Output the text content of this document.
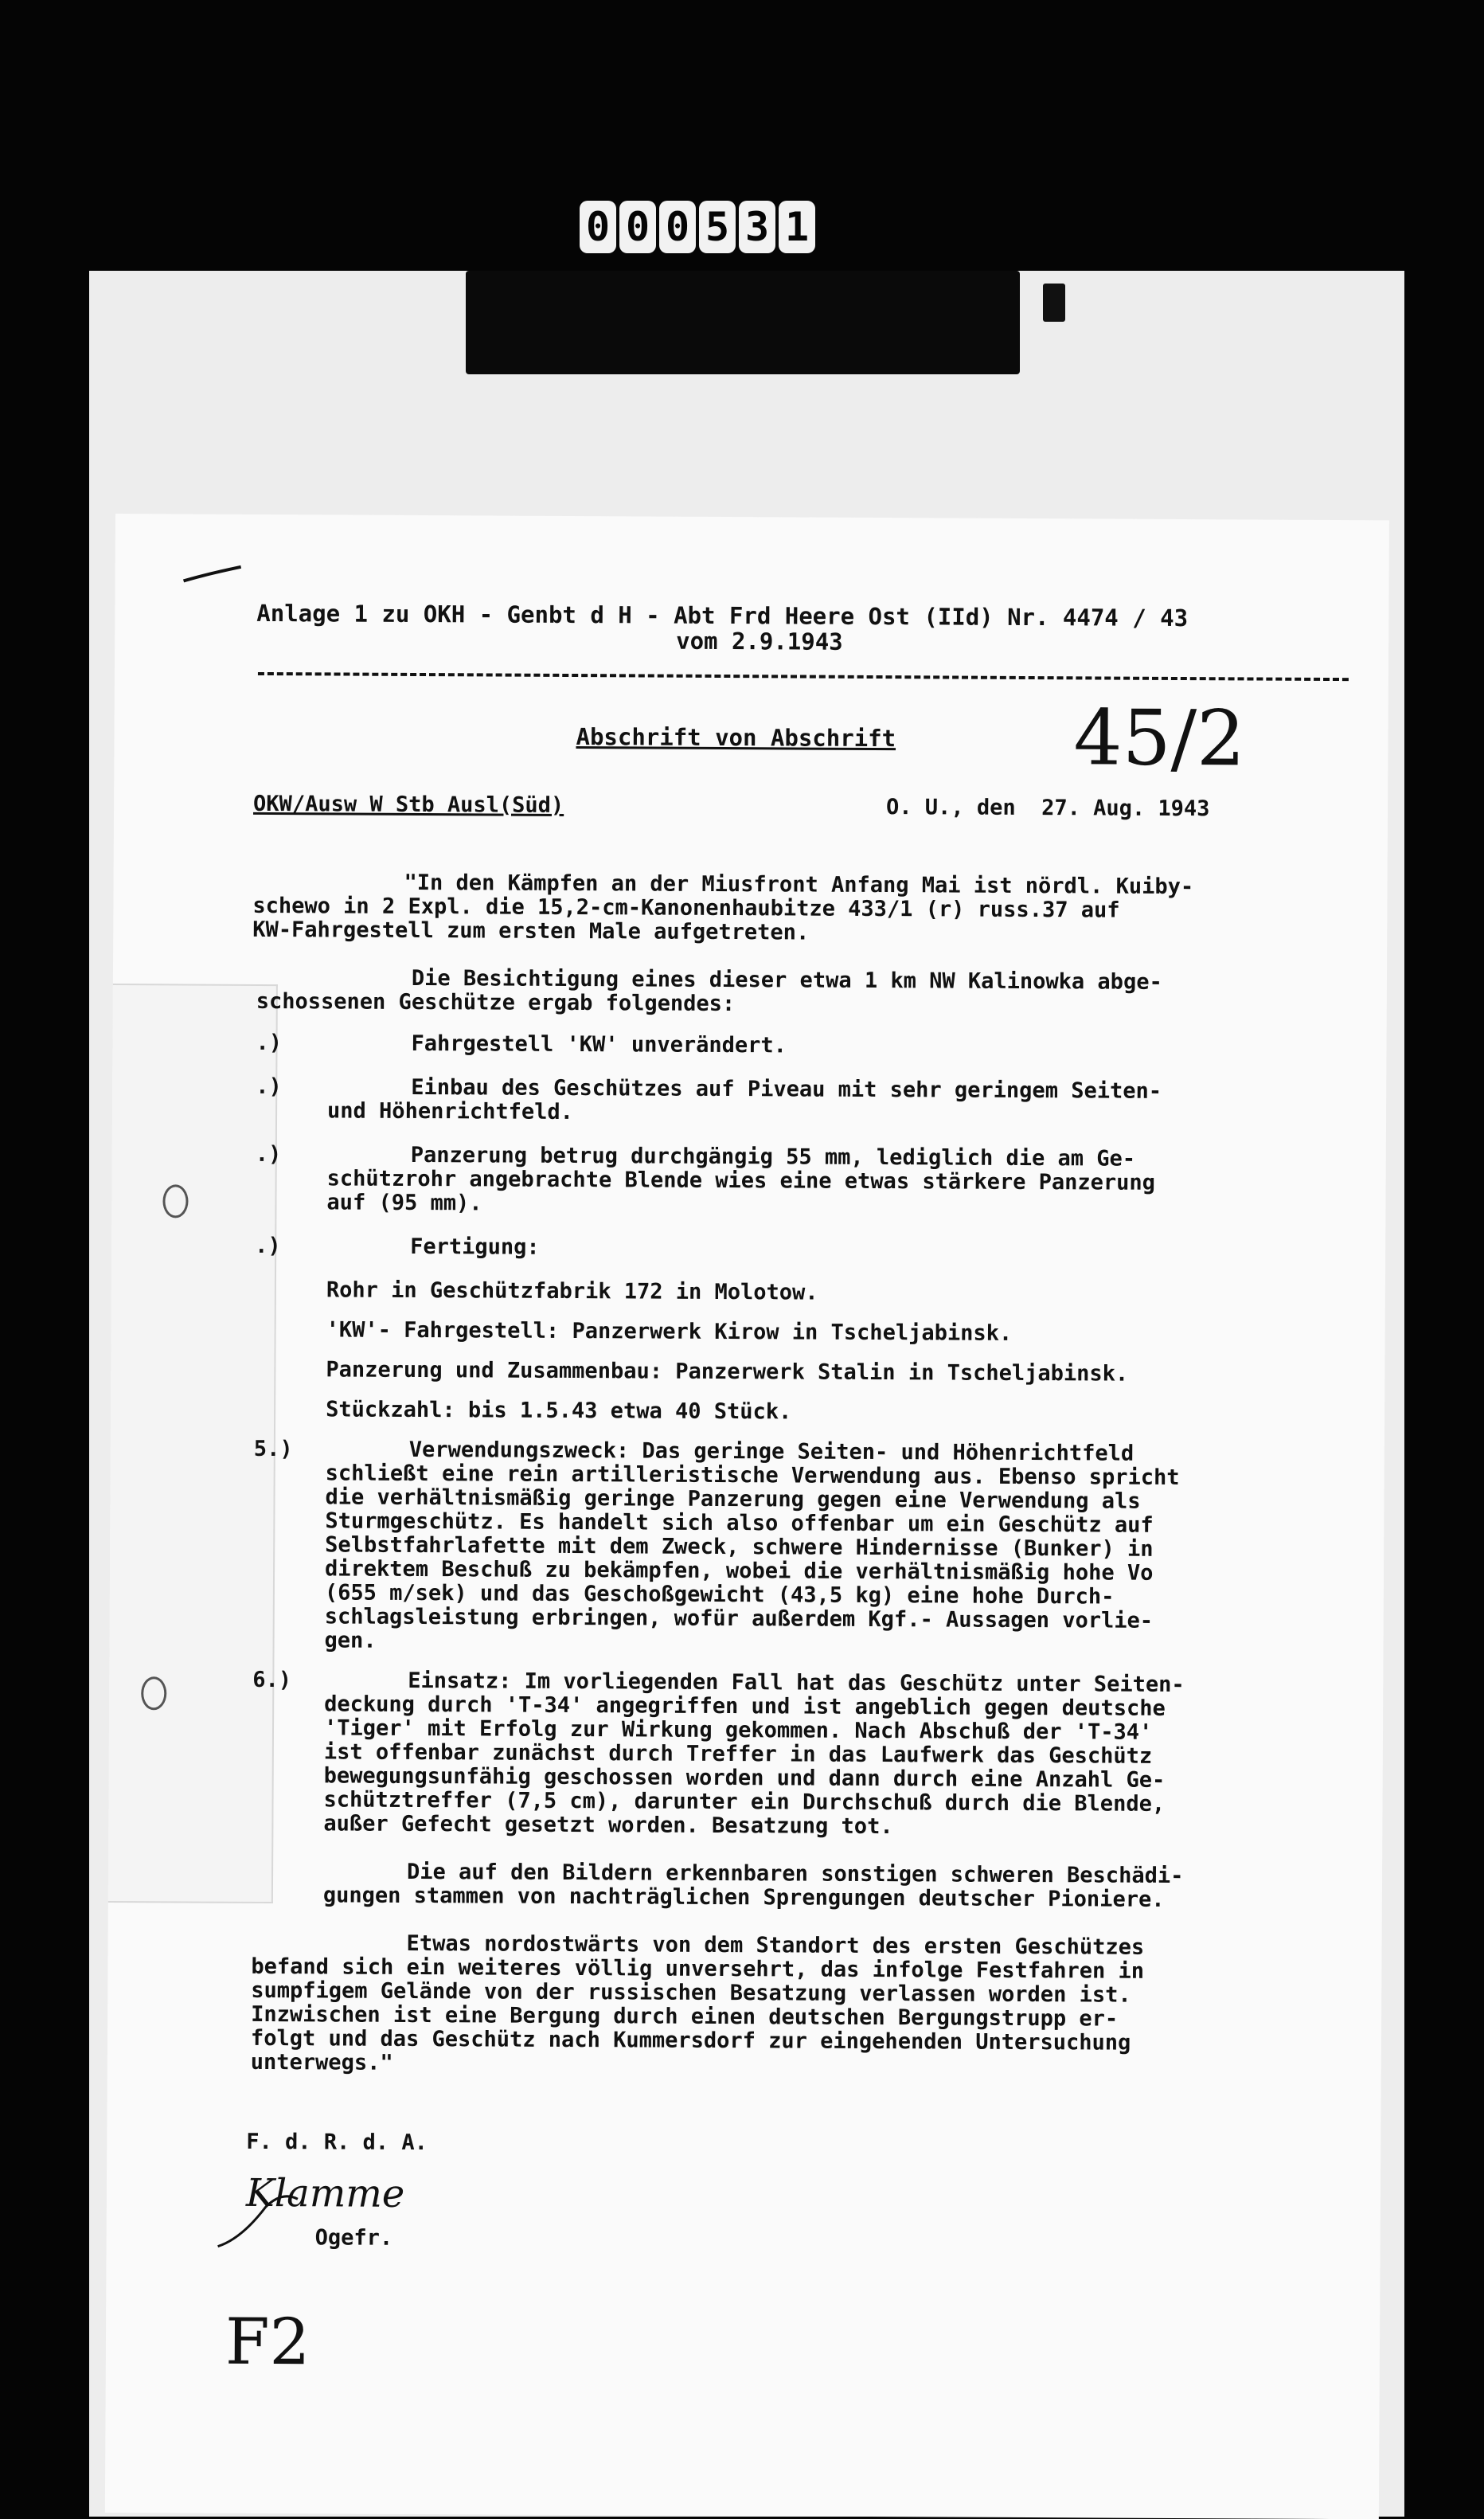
0 0 0 5 3 1
Anlage 1 zu OKH - Genbt d H - Abt Frd Heere Ost (IId) Nr. 4474 / 43
vom 2.9.1943
Abschrift von Abschrift 45/2
OKW/Ausw W Stb Ausl(Süd)	O. U., den  27. Aug. 1943
"In den Kämpfen an der Miusfront Anfang Mai ist nördl. Kuiby-
schewo in 2 Expl. die 15,2-cm-Kanonenhaubitze 433/1 (r) russ.37 auf
KW-Fahrgestell zum ersten Male aufgetreten.
Die Besichtigung eines dieser etwa 1 km NW Kalinowka abge-
schossenen Geschütze ergab folgendes:
.)	Fahrgestell 'KW' unverändert.
.)	Einbau des Geschützes auf Piveau mit sehr geringem Seiten-
und Höhenrichtfeld.
.)	Panzerung betrug durchgängig 55 mm, lediglich die am Ge-
schützrohr angebrachte Blende wies eine etwas stärkere Panzerung
auf (95 mm).
.)	Fertigung:
Rohr in Geschützfabrik 172 in Molotow.
'KW'- Fahrgestell: Panzerwerk Kirow in Tscheljabinsk.
Panzerung und Zusammenbau: Panzerwerk Stalin in Tscheljabinsk.
Stückzahl: bis 1.5.43 etwa 40 Stück.
5.)	Verwendungszweck: Das geringe Seiten- und Höhenrichtfeld
schließt eine rein artilleristische Verwendung aus. Ebenso spricht
die verhältnismäßig geringe Panzerung gegen eine Verwendung als
Sturmgeschütz. Es handelt sich also offenbar um ein Geschütz auf
Selbstfahrlafette mit dem Zweck, schwere Hindernisse (Bunker) in
direktem Beschuß zu bekämpfen, wobei die verhältnismäßig hohe Vo
(655 m/sek) und das Geschoßgewicht (43,5 kg) eine hohe Durch-
schlagsleistung erbringen, wofür außerdem Kgf.- Aussagen vorlie-
gen.
6.)	Einsatz: Im vorliegenden Fall hat das Geschütz unter Seiten-
deckung durch 'T-34' angegriffen und ist angeblich gegen deutsche
'Tiger' mit Erfolg zur Wirkung gekommen. Nach Abschuß der 'T-34'
ist offenbar zunächst durch Treffer in das Laufwerk das Geschütz
bewegungsunfähig geschossen worden und dann durch eine Anzahl Ge-
schütztreffer (7,5 cm), darunter ein Durchschuß durch die Blende,
außer Gefecht gesetzt worden. Besatzung tot.
Die auf den Bildern erkennbaren sonstigen schweren Beschädi-
gungen stammen von nachträglichen Sprengungen deutscher Pioniere.
Etwas nordostwärts von dem Standort des ersten Geschützes
befand sich ein weiteres völlig unversehrt, das infolge Festfahren in
sumpfigem Gelände von der russischen Besatzung verlassen worden ist.
Inzwischen ist eine Bergung durch einen deutschen Bergungstrupp er-
folgt und das Geschütz nach Kummersdorf zur eingehenden Untersuchung
unterwegs."
F. d. R. d. A.
Klamme
Ogefr.
F2
